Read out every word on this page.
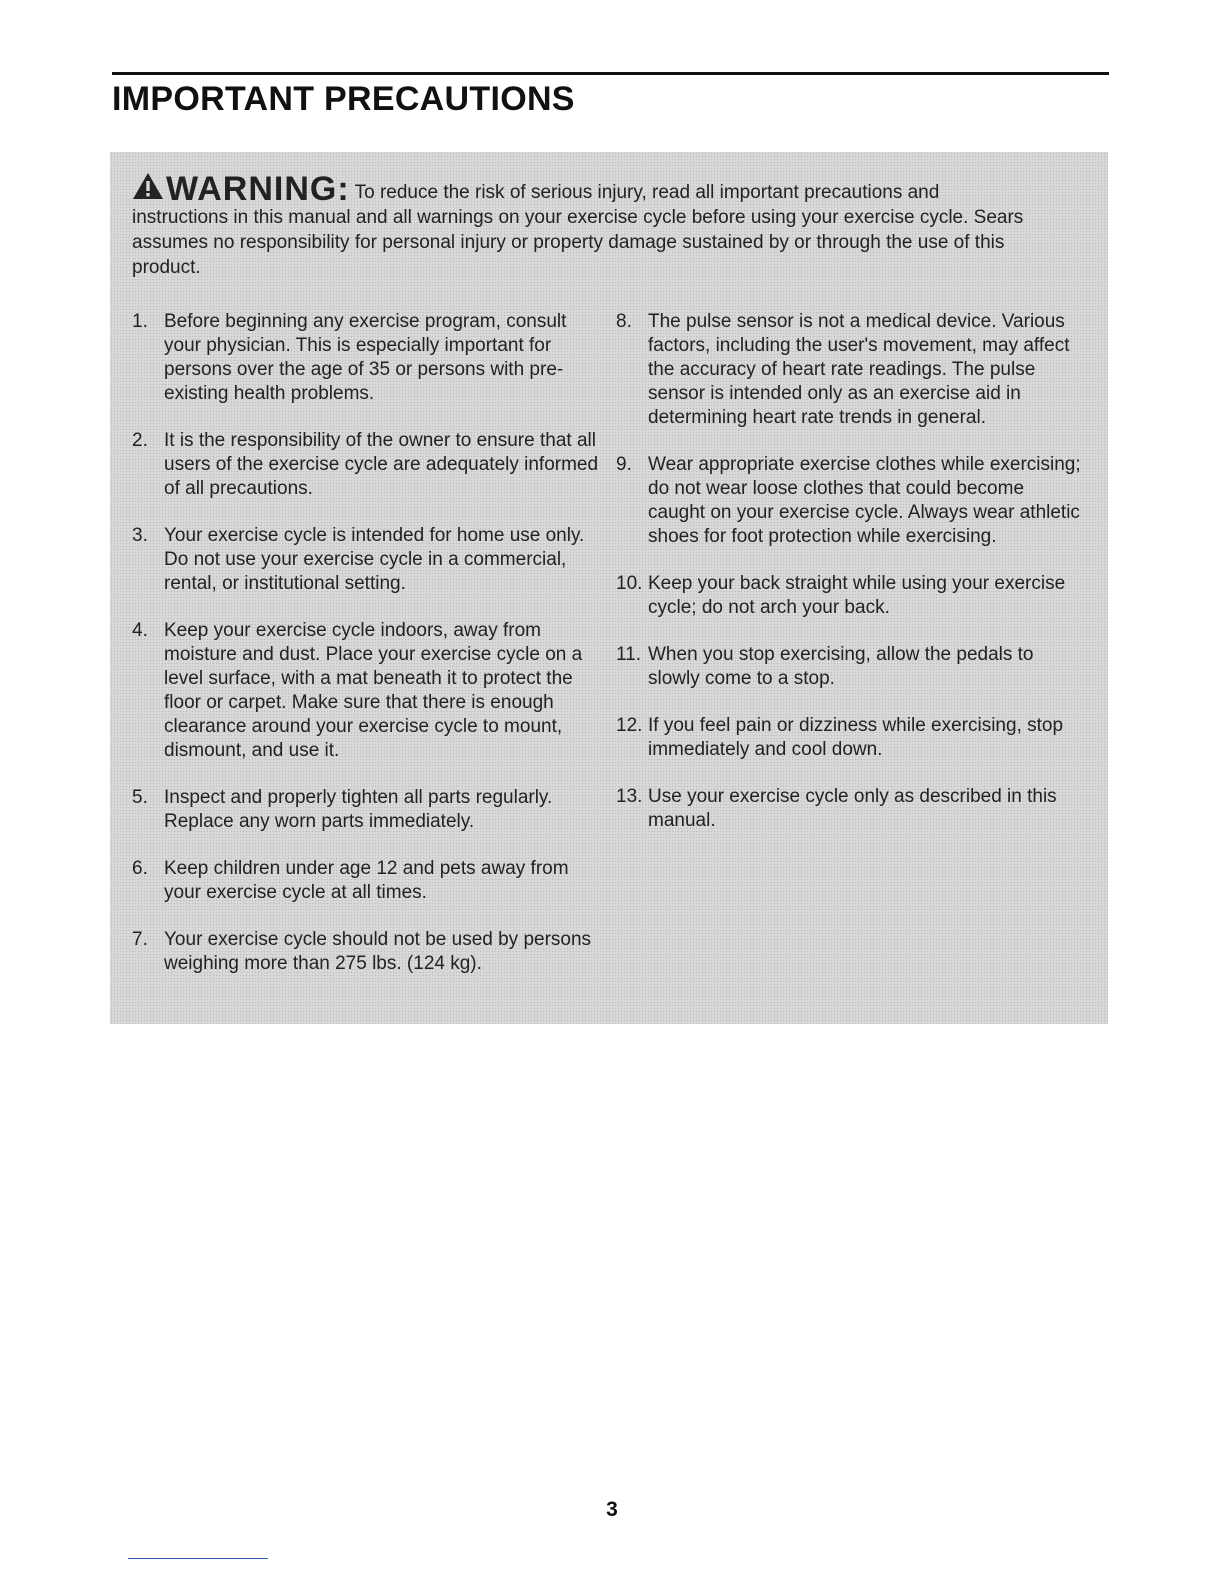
IMPORTANT PRECAUTIONS

WARNING: To reduce the risk of serious injury, read all important precautions and instructions in this manual and all warnings on your exercise cycle before using your exercise cycle. Sears assumes no responsibility for personal injury or property damage sustained by or through the use of this product.

1. Before beginning any exercise program, consult your physician. This is especially important for persons over the age of 35 or persons with pre-existing health problems.
2. It is the responsibility of the owner to ensure that all users of the exercise cycle are adequately informed of all precautions.
3. Your exercise cycle is intended for home use only. Do not use your exercise cycle in a commercial, rental, or institutional setting.
4. Keep your exercise cycle indoors, away from moisture and dust. Place your exercise cycle on a level surface, with a mat beneath it to protect the floor or carpet. Make sure that there is enough clearance around your exercise cycle to mount, dismount, and use it.
5. Inspect and properly tighten all parts regularly. Replace any worn parts immediately.
6. Keep children under age 12 and pets away from your exercise cycle at all times.
7. Your exercise cycle should not be used by persons weighing more than 275 lbs. (124 kg).
8. The pulse sensor is not a medical device. Various factors, including the user's movement, may affect the accuracy of heart rate readings. The pulse sensor is intended only as an exercise aid in determining heart rate trends in general.
9. Wear appropriate exercise clothes while exercising; do not wear loose clothes that could become caught on your exercise cycle. Always wear athletic shoes for foot protection while exercising.
10. Keep your back straight while using your exercise cycle; do not arch your back.
11. When you stop exercising, allow the pedals to slowly come to a stop.
12. If you feel pain or dizziness while exercising, stop immediately and cool down.
13. Use your exercise cycle only as described in this manual.
3
